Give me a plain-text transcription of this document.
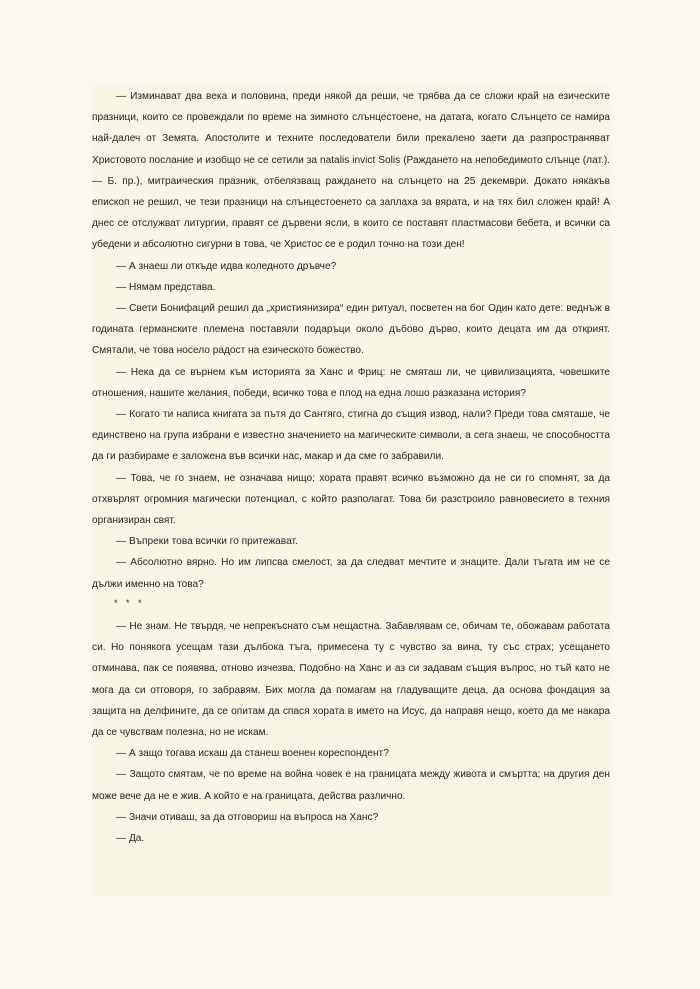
— Изминават два века и половина, преди някой да реши, че трябва да се сложи край на езическите празници, които се провеждали по време на зимното слънцестоене, на датата, когато Слънцето се намира най-далеч от Земята. Апостолите и техните последователи били прекалено заети да разпространяват Христовото послание и изобщо не се сетили за natalis invict Solis (Раждането на непобедимото слънце (лат.). — Б. пр.), митраическия празник, отбелязващ раждането на слънцето на 25 декември. Докато някакъв епископ не решил, че тези празници на слънцестоенето са заплаха за вярата, и на тях бил сложен край! А днес се отслужват литургии, правят се дървени ясли, в които се поставят пластмасови бебета, и всички са убедени и абсолютно сигурни в това, че Христос се е родил точно на този ден!

— А знаеш ли откъде идва коледното дръвче?

— Нямам представа.

— Свети Бонифаций решил да „християнизира“ един ритуал, посветен на бог Один като дете: веднъж в годината германските племена поставяли подаръци около дъбово дърво, които децата им да открият. Смятали, че това носело радост на езическото божество.

— Нека да се върнем към историята за Ханс и Фриц: не смяташ ли, че цивилизацията, човешките отношения, нашите желания, победи, всичко това е плод на една лошо разказана история?

— Когато ти написа книгата за пътя до Сантяго, стигна до същия извод, нали? Преди това смяташе, че единствено на група избрани е известно значението на магическите символи, а сега знаеш, че способността да ги разбираме е заложена във всички нас, макар и да сме го забравили.

— Това, че го знаем, не означава нищо; хората правят всичко възможно да не си го спомнят, за да отхвърлят огромния магически потенциал, с който разполагат. Това би разстроило равновесието в техния организиран свят.

— Въпреки това всички го притежават.

— Абсолютно вярно. Но им липсва смелост, за да следват мечтите и знаците. Дали тъгата им не се дължи именно на това?

* * *

— Не знам. Не твърдя, че непрекъснато съм нещастна. Забавлявам се, обичам те, обожавам работата си. Но понякога усещам тази дълбока тъга, примесена ту с чувство за вина, ту със страх; усещането отминава, пак се появява, отново изчезва. Подобно на Ханс и аз си задавам същия въпрос, но тъй като не мога да си отговоря, го забравям. Бих могла да помагам на гладуващите деца, да основа фондация за защита на делфините, да се опитам да спася хората в името на Исус, да направя нещо, което да ме накара да се чувствам полезна, но не искам.

— А защо тогава искаш да станеш военен кореспондент?

— Защото смятам, че по време на война човек е на границата между живота и смъртта; на другия ден може вече да не е жив. А който е на границата, действа различно.

— Значи отиваш, за да отговориш на въпроса на Ханс?

— Да.
